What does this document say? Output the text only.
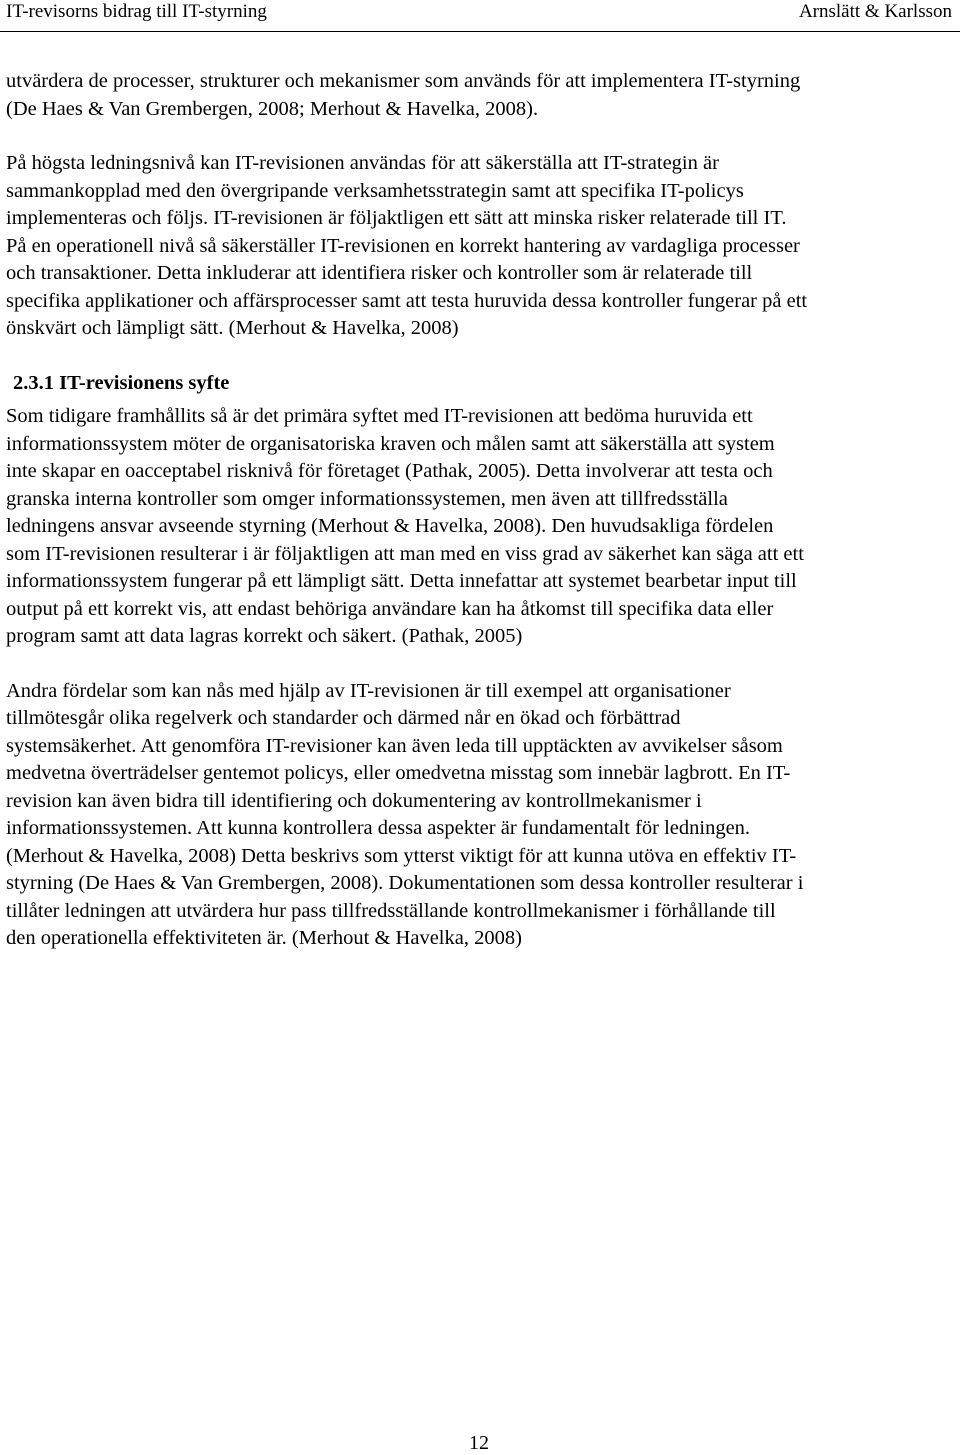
IT-revisorns bidrag till IT-styrning	Arnslätt & Karlsson

utvärdera de processer, strukturer och mekanismer som används för att implementera IT-styrning
(De Haes & Van Grembergen, 2008; Merhout & Havelka, 2008).

På högsta ledningsnivå kan IT-revisionen användas för att säkerställa att IT-strategin är
sammankopplad med den övergripande verksamhetsstrategin samt att specifika IT-policys
implementeras och följs. IT-revisionen är följaktligen ett sätt att minska risker relaterade till IT.
På en operationell nivå så säkerställer IT-revisionen en korrekt hantering av vardagliga processer
och transaktioner. Detta inkluderar att identifiera risker och kontroller som är relaterade till
specifika applikationer och affärsprocesser samt att testa huruvida dessa kontroller fungerar på ett
önskvärt och lämpligt sätt. (Merhout & Havelka, 2008)

2.3.1 IT-revisionens syfte

Som tidigare framhållits så är det primära syftet med IT-revisionen att bedöma huruvida ett
informationssystem möter de organisatoriska kraven och målen samt att säkerställa att system
inte skapar en oacceptabel risknivå för företaget (Pathak, 2005). Detta involverar att testa och
granska interna kontroller som omger informationssystemen, men även att tillfredsställa
ledningens ansvar avseende styrning (Merhout & Havelka, 2008). Den huvudsakliga fördelen
som IT-revisionen resulterar i är följaktligen att man med en viss grad av säkerhet kan säga att ett
informationssystem fungerar på ett lämpligt sätt. Detta innefattar att systemet bearbetar input till
output på ett korrekt vis, att endast behöriga användare kan ha åtkomst till specifika data eller
program samt att data lagras korrekt och säkert. (Pathak, 2005)

Andra fördelar som kan nås med hjälp av IT-revisionen är till exempel att organisationer
tillmötesgår olika regelverk och standarder och därmed når en ökad och förbättrad
systemsäkerhet. Att genomföra IT-revisioner kan även leda till upptäckten av avvikelser såsom
medvetna överträdelser gentemot policys, eller omedvetna misstag som innebär lagbrott. En IT-
revision kan även bidra till identifiering och dokumentering av kontrollmekanismer i
informationssystemen. Att kunna kontrollera dessa aspekter är fundamentalt för ledningen.
(Merhout & Havelka, 2008) Detta beskrivs som ytterst viktigt för att kunna utöva en effektiv IT-
styrning (De Haes & Van Grembergen, 2008). Dokumentationen som dessa kontroller resulterar i
tillåter ledningen att utvärdera hur pass tillfredsställande kontrollmekanismer i förhållande till
den operationella effektiviteten är. (Merhout & Havelka, 2008)

12
